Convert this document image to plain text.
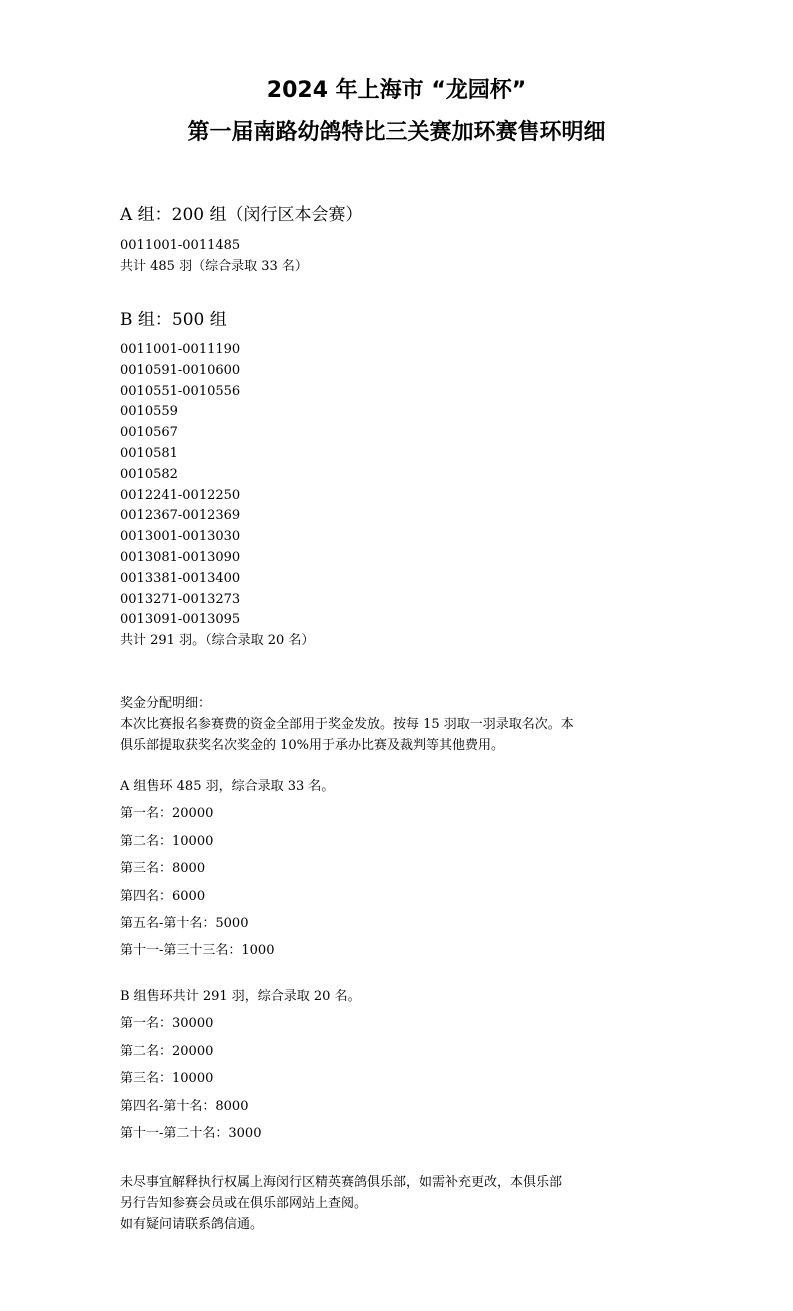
2024 年上海市 “龙园杯”
第一届南路幼鸽特比三关赛加环赛售环明细
A 组：200 组（闵行区本会赛）
0011001-0011485
共计 485 羽（综合录取 33 名）
B 组：500 组
0011001-0011190
0010591-0010600
0010551-0010556
0010559
0010567
0010581
0010582
0012241-0012250
0012367-0012369
0013001-0013030
0013081-0013090
0013381-0013400
0013271-0013273
0013091-0013095
共计 291 羽。（综合录取 20 名）
奖金分配明细：
本次比赛报名参赛费的资金全部用于奖金发放。按每 15 羽取一羽录取名次。本
俱乐部提取获奖名次奖金的 10%用于承办比赛及裁判等其他费用。
A 组售环 485 羽，综合录取 33 名。
第一名：20000
第二名：10000
第三名：8000
第四名：6000
第五名-第十名：5000
第十一-第三十三名：1000
B 组售环共计 291 羽，综合录取 20 名。
第一名：30000
第二名：20000
第三名：10000
第四名-第十名：8000
第十一-第二十名：3000
未尽事宜解释执行权属上海闵行区精英赛鸽俱乐部，如需补充更改，本俱乐部
另行告知参赛会员或在俱乐部网站上查阅。
如有疑问请联系鸽信通。
